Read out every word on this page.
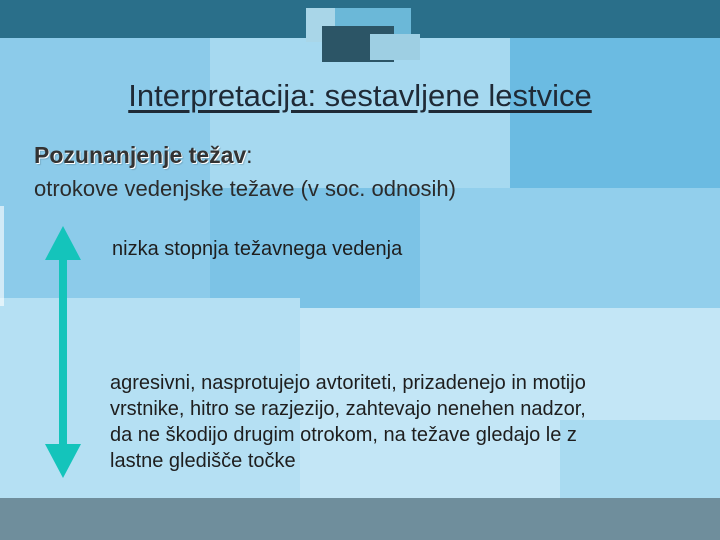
Interpretacija: sestavljene lestvice
Pozunanjenje težav:
otrokove vedenjske težave (v soc. odnosih)
nizka stopnja težavnega vedenja
agresivni, nasprotujejo avtoriteti, prizadenejo in motijo
vrstnike, hitro se razjezijo, zahtevajo nenehen nadzor,
da ne škodijo drugim otrokom, na težave gledajo le z
lastne gledišče točke
